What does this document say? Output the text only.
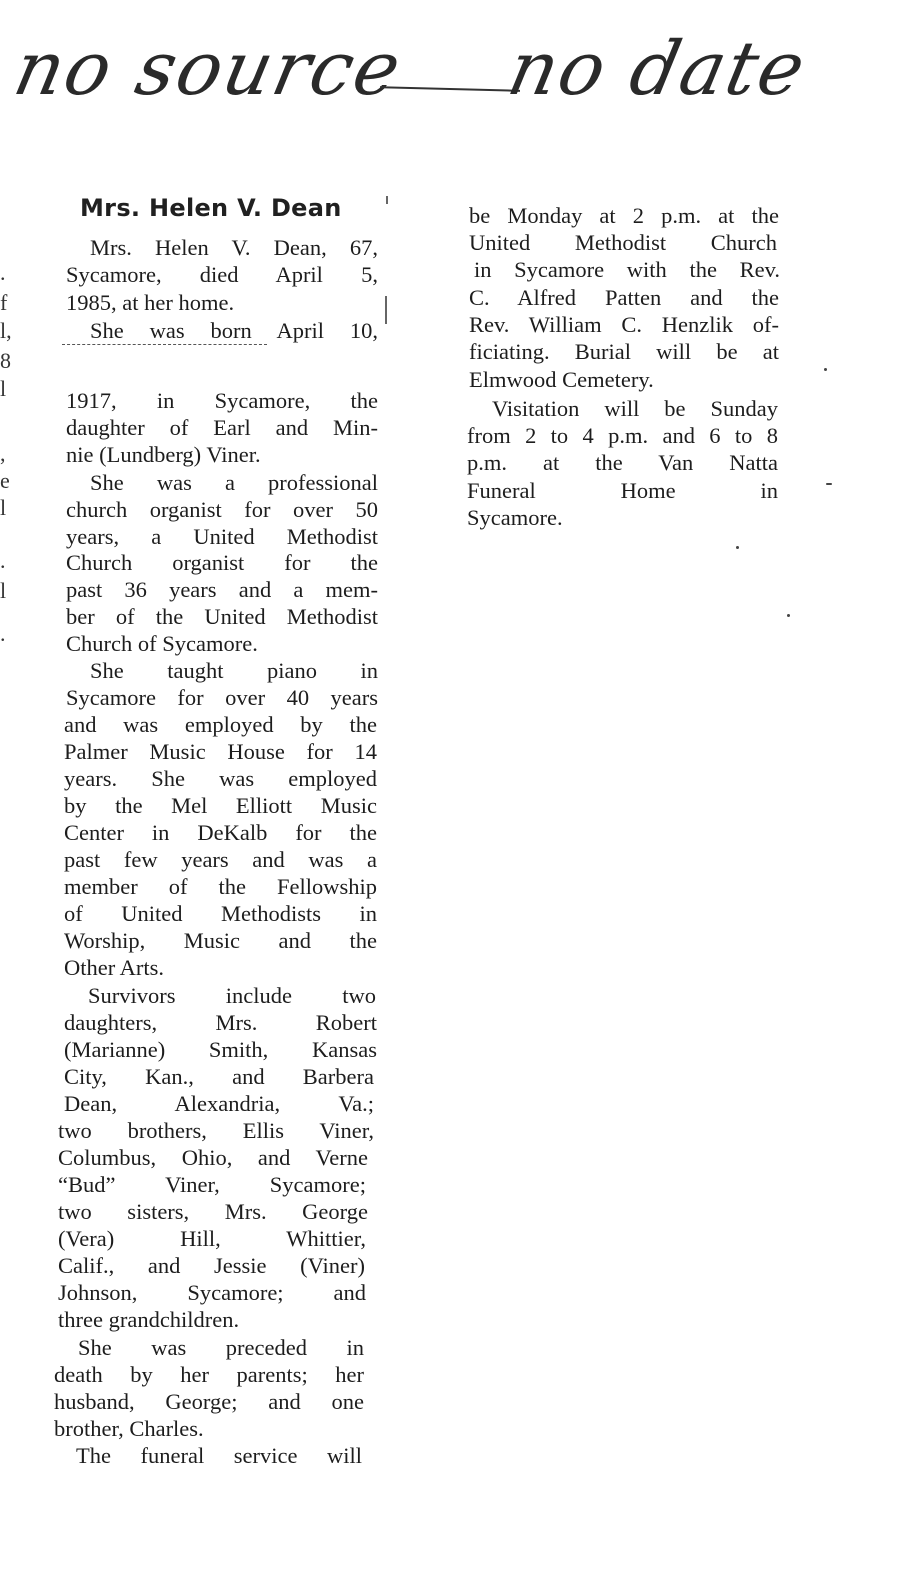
no source no date
.
f
l,
8
l
,
e
l
.
l
.
Mrs. Helen V. Dean
Mrs. Helen V. Dean, 67,
Sycamore, died April 5,
1985, at her home.
She was born April 10,
1917, in Sycamore, the
daughter of Earl and Min-
nie (Lundberg) Viner.
She was a professional
church organist for over 50
years, a United Methodist
Church organist for the
past 36 years and a mem-
ber of the United Methodist
Church of Sycamore.
She taught piano in
Sycamore for over 40 years
and was employed by the
Palmer Music House for 14
years. She was employed
by the Mel Elliott Music
Center in DeKalb for the
past few years and was a
member of the Fellowship
of United Methodists in
Worship, Music and the
Other Arts.
Survivors include two
daughters, Mrs. Robert
(Marianne) Smith, Kansas
City, Kan., and Barbera
Dean, Alexandria, Va.;
two brothers, Ellis Viner,
Columbus, Ohio, and Verne
“Bud” Viner, Sycamore;
two sisters, Mrs. George
(Vera) Hill, Whittier,
Calif., and Jessie (Viner)
Johnson, Sycamore; and
three grandchildren.
She was preceded in
death by her parents; her
husband, George; and one
brother, Charles.
The funeral service will
be Monday at 2 p.m. at the
United Methodist Church
in Sycamore with the Rev.
C. Alfred Patten and the
Rev. William C. Henzlik of-
ficiating. Burial will be at
Elmwood Cemetery.
Visitation will be Sunday
from 2 to 4 p.m. and 6 to 8
p.m. at the Van Natta
Funeral Home in
Sycamore.
